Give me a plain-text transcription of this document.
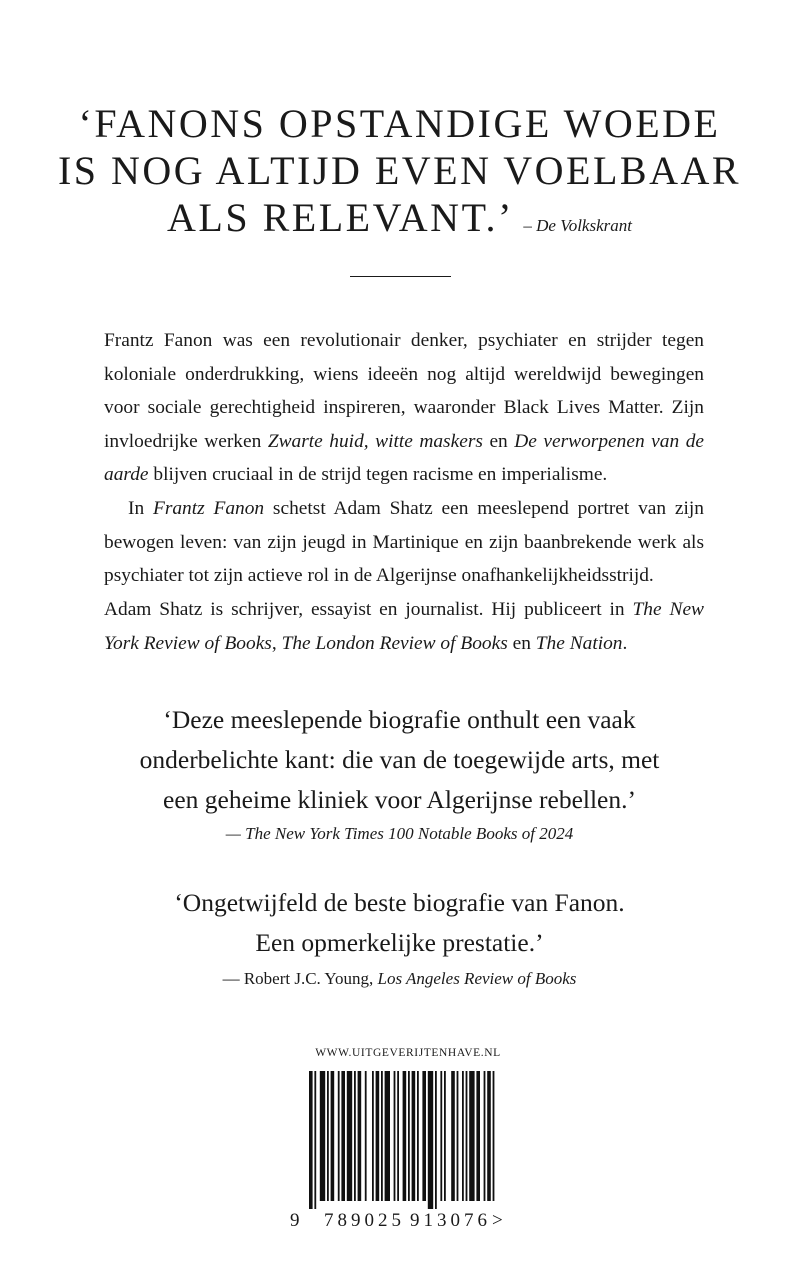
‘FANONS OPSTANDIGE WOEDE
IS NOG ALTIJD EVEN VOELBAAR
ALS RELEVANT.’ – De Volkskrant

Frantz Fanon was een revolutionair denker, psychiater en strijder tegen koloniale onderdrukking, wiens ideeën nog altijd wereldwijd bewegingen voor sociale gerechtigheid inspireren, waaronder Black Lives Matter. Zijn invloedrijke werken Zwarte huid, witte maskers en De verworpenen van de aarde blijven cruciaal in de strijd tegen racisme en imperialisme.

In Frantz Fanon schetst Adam Shatz een meeslepend portret van zijn bewogen leven: van zijn jeugd in Martinique en zijn baanbrekende werk als psychiater tot zijn actieve rol in de Algerijnse onafhankelijkheidsstrijd.

Adam Shatz is schrijver, essayist en journalist. Hij publiceert in The New York Review of Books, The London Review of Books en The Nation.

‘Deze meeslepende biografie onthult een vaak
onderbelichte kant: die van de toegewijde arts, met
een geheime kliniek voor Algerijnse rebellen.’
— The New York Times 100 Notable Books of 2024
‘Ongetwijfeld de beste biografie van Fanon.
Een opmerkelijke prestatie.’
— Robert J.C. Young, Los Angeles Review of Books
WWW.UITGEVERIJTENHAVE.NL
9 789025 913076 >
